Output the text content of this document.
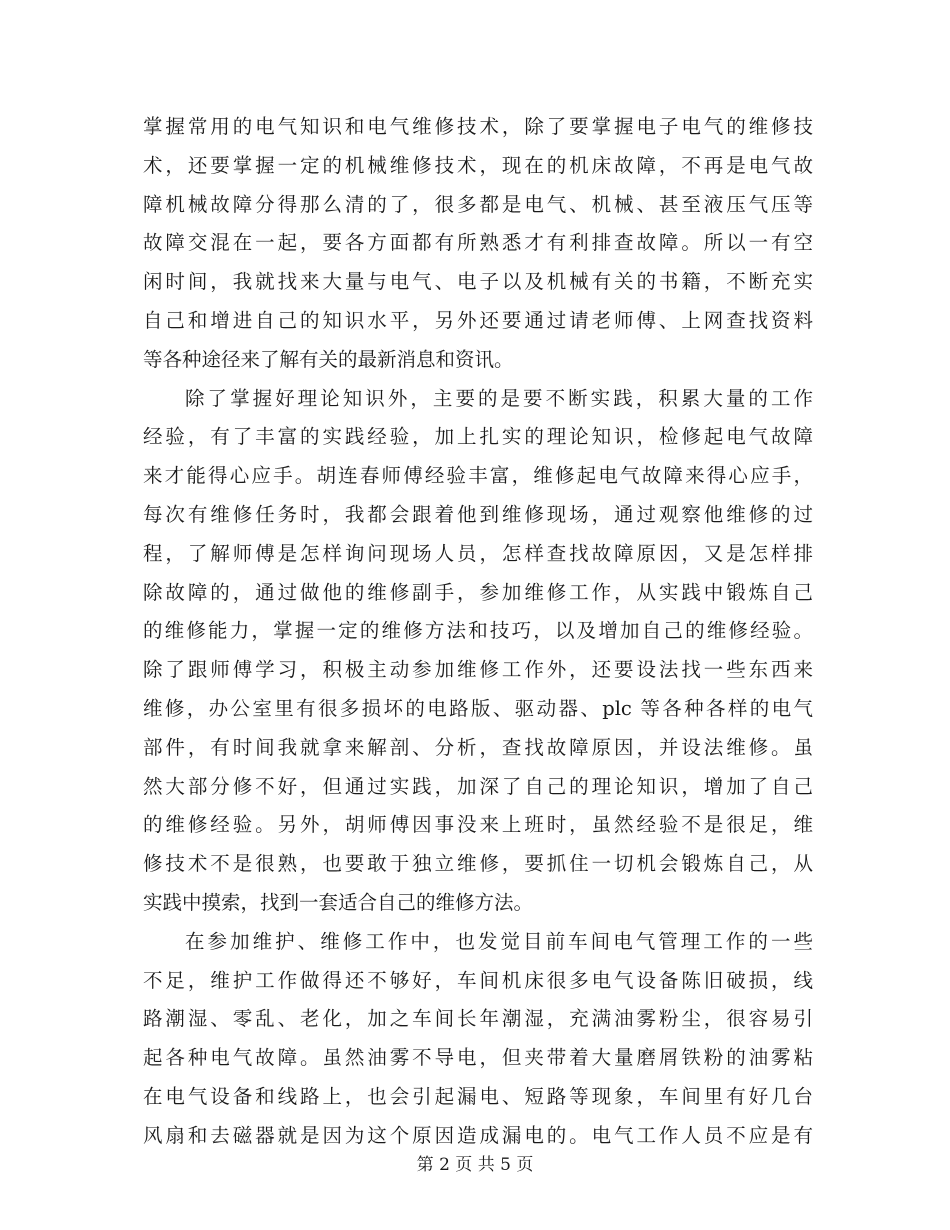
掌握常用的电气知识和电气维修技术，除了要掌握电子电气的维修技
术，还要掌握一定的机械维修技术，现在的机床故障，不再是电气故
障机械故障分得那么清的了，很多都是电气、机械、甚至液压气压等
故障交混在一起，要各方面都有所熟悉才有利排查故障。所以一有空
闲时间，我就找来大量与电气、电子以及机械有关的书籍，不断充实
自己和增进自己的知识水平，另外还要通过请老师傅、上网查找资料
等各种途径来了解有关的最新消息和资讯。
除了掌握好理论知识外，主要的是要不断实践，积累大量的工作
经验，有了丰富的实践经验，加上扎实的理论知识，检修起电气故障
来才能得心应手。胡连春师傅经验丰富，维修起电气故障来得心应手，
每次有维修任务时，我都会跟着他到维修现场，通过观察他维修的过
程，了解师傅是怎样询问现场人员，怎样查找故障原因，又是怎样排
除故障的，通过做他的维修副手，参加维修工作，从实践中锻炼自己
的维修能力，掌握一定的维修方法和技巧，以及增加自己的维修经验。
除了跟师傅学习，积极主动参加维修工作外，还要设法找一些东西来
维修，办公室里有很多损坏的电路版、驱动器、plc 等各种各样的电气
部件，有时间我就拿来解剖、分析，查找故障原因，并设法维修。虽
然大部分修不好，但通过实践，加深了自己的理论知识，增加了自己
的维修经验。另外，胡师傅因事没来上班时，虽然经验不是很足，维
修技术不是很熟，也要敢于独立维修，要抓住一切机会锻炼自己，从
实践中摸索，找到一套适合自己的维修方法。
在参加维护、维修工作中，也发觉目前车间电气管理工作的一些
不足，维护工作做得还不够好，车间机床很多电气设备陈旧破损，线
路潮湿、零乱、老化，加之车间长年潮湿，充满油雾粉尘，很容易引
起各种电气故障。虽然油雾不导电，但夹带着大量磨屑铁粉的油雾粘
在电气设备和线路上，也会引起漏电、短路等现象，车间里有好几台
风扇和去磁器就是因为这个原因造成漏电的。电气工作人员不应是有
第 2 页 共 5 页
